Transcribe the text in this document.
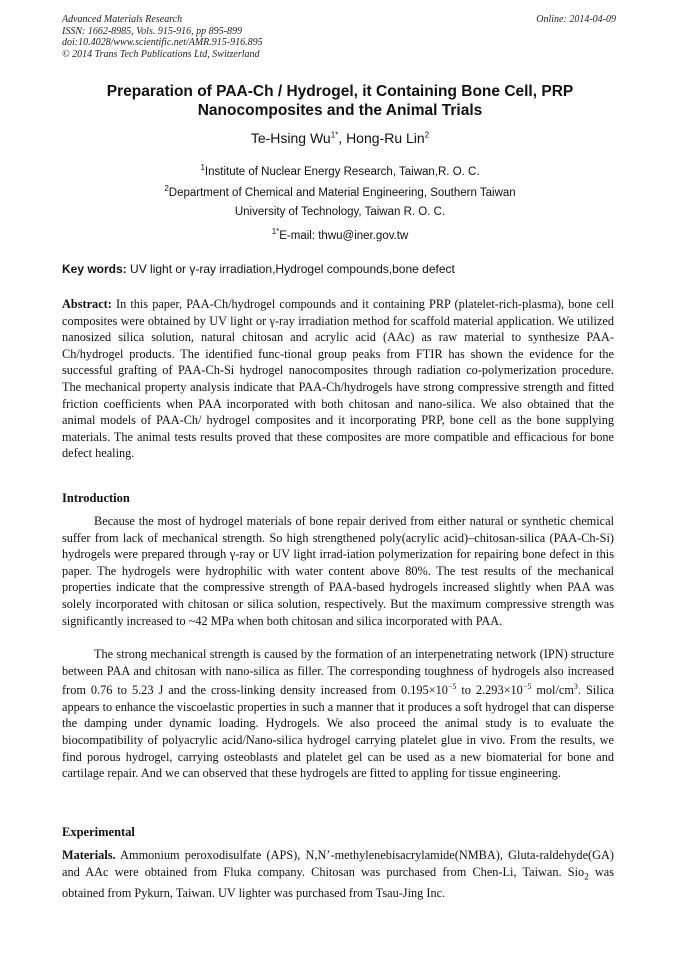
Advanced Materials Research
ISSN: 1662-8985, Vols. 915-916, pp 895-899
doi:10.4028/www.scientific.net/AMR.915-916.895
© 2014 Trans Tech Publications Ltd, Switzerland
Online: 2014-04-09
Preparation of PAA-Ch / Hydrogel, it Containing Bone Cell, PRP
Nanocomposites and the Animal Trials
Te-Hsing $Wu^{1*}$, Hong-Ru Lin$^2$
$^1$Institute of Nuclear Energy Research, Taiwan,R. O. C.
$^2$Department of Chemical and Material Engineering, Southern Taiwan
University of Technology, Taiwan R. O. C.
$^{1*}$E-mail: thwu@iner.gov.tw
Key words: UV light or γ-ray irradiation,Hydrogel compounds,bone defect
Abstract: In this paper, PAA-Ch/hydrogel compounds and it containing PRP (platelet-rich-plasma), bone cell composites were obtained by UV light or γ-ray irradiation method for scaffold material application. We utilized nanosized silica solution, natural chitosan and acrylic acid (AAc) as raw material to synthesize PAA-Ch/hydrogel products. The identified func-tional group peaks from FTIR has shown the evidence for the successful grafting of PAA-Ch-Si hydrogel nanocomposites through radiation co-polymerization procedure. The mechanical property analysis indicate that PAA-Ch/hydrogels have strong compressive strength and fitted friction coefficients when PAA incorporated with both chitosan and nano-silica. We also obtained that the animal models of PAA-Ch/ hydrogel composites and it incorporating PRP, bone cell as the bone supplying materials. The animal tests results proved that these composites are more compatible and efficacious for bone defect healing.
Introduction
Because the most of hydrogel materials of bone repair derived from either natural or synthetic chemical suffer from lack of mechanical strength. So high strengthened poly(acrylic acid)–chitosan-silica (PAA-Ch-Si) hydrogels were prepared through γ-ray or UV light irrad-iation polymerization for repairing bone defect in this paper. The hydrogels were hydrophilic with water content above 80%. The test results of the mechanical properties indicate that the compressive strength of PAA-based hydrogels increased slightly when PAA was solely incorporated with chitosan or silica solution, respectively. But the maximum compressive strength was significantly increased to ~42 MPa when both chitosan and silica incorporated with PAA.
The strong mechanical strength is caused by the formation of an interpenetrating network (IPN) structure between PAA and chitosan with nano-silica as filler. The corresponding toughness of hydrogels also increased from 0.76 to 5.23 J and the cross-linking density increased from $0.195\times 10^{-5}$ to $2.293\times 10^{-5}$ mol/$cm^3$. Silica appears to enhance the viscoelastic properties in such a manner that it produces a soft hydrogel that can disperse the damping under dynamic loading. Hydrogels. We also proceed the animal study is to evaluate the biocompatibility of polyacrylic acid/Nano-silica hydrogel carrying platelet glue in vivo. From the results, we find porous hydrogel, carrying osteoblasts and platelet gel can be used as a new biomaterial for bone and cartilage repair. And we can observed that these hydrogels are fitted to appling for tissue engineering.
Experimental
Materials. Ammonium peroxodisulfate (APS), N,N’-methylenebisacrylamide(NMBA), Gluta-raldehyde(GA) and AAc were obtained from Fluka company. Chitosan was purchased from Chen-Li, Taiwan. Sio$_2$ was obtained from Pykurn, Taiwan. UV lighter was purchased from Tsau-Jing Inc.
